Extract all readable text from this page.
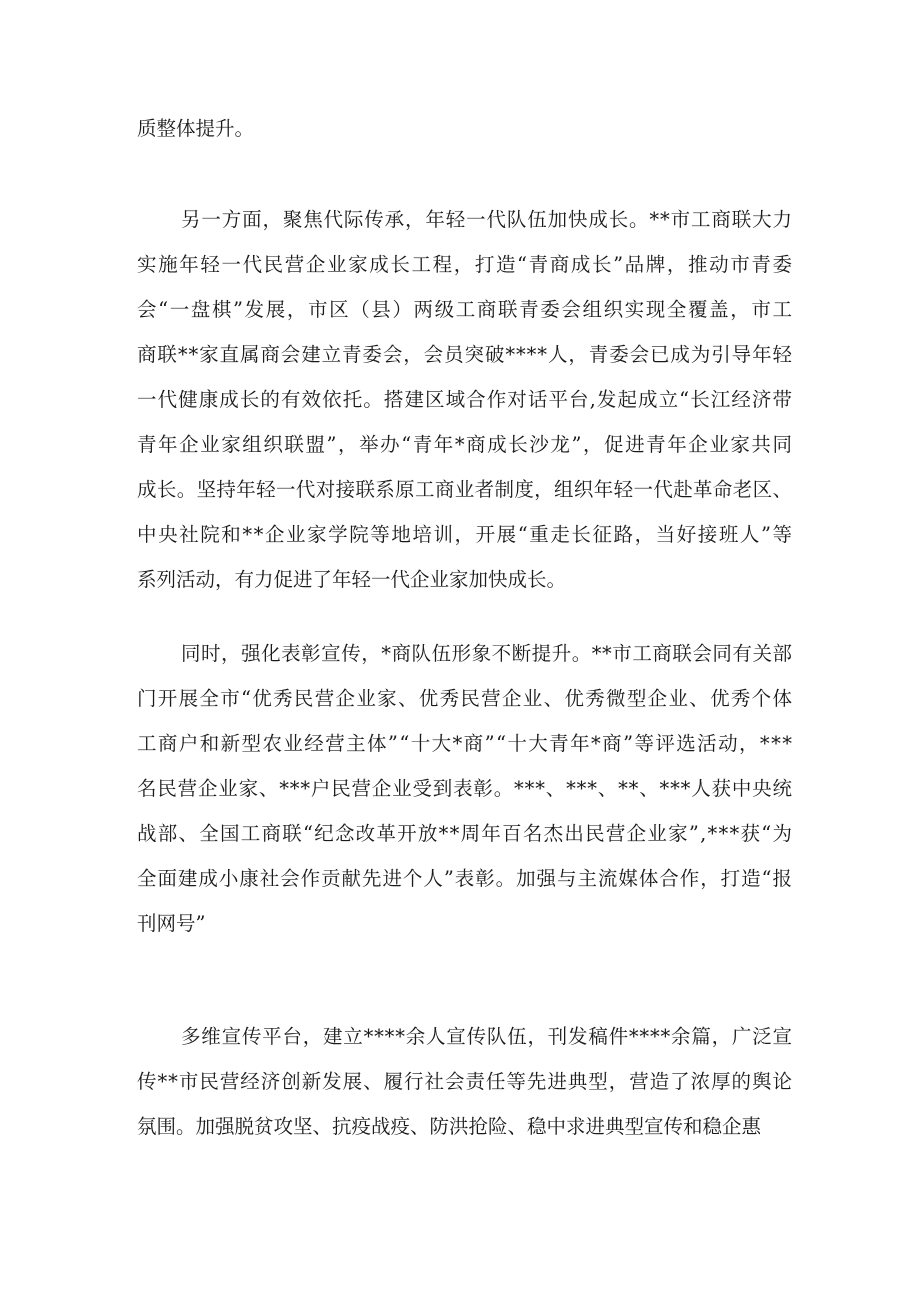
质整体提升。
另一方面，聚焦代际传承，年轻一代队伍加快成长。**市工商联大力
实施年轻一代民营企业家成长工程，打造“青商成长”品牌，推动市青委
会“一盘棋”发展，市区（县）两级工商联青委会组织实现全覆盖，市工
商联**家直属商会建立青委会，会员突破****人，青委会已成为引导年轻
一代健康成长的有效依托。搭建区域合作对话平台,发起成立“长江经济带
青年企业家组织联盟”，举办“青年*商成长沙龙”，促进青年企业家共同
成长。坚持年轻一代对接联系原工商业者制度，组织年轻一代赴革命老区、
中央社院和**企业家学院等地培训，开展“重走长征路，当好接班人”等
系列活动，有力促进了年轻一代企业家加快成长。
同时，强化表彰宣传，*商队伍形象不断提升。**市工商联会同有关部
门开展全市“优秀民营企业家、优秀民营企业、优秀微型企业、优秀个体
工商户和新型农业经营主体”“十大*商”“十大青年*商”等评选活动，***
名民营企业家、***户民营企业受到表彰。***、***、**、***人获中央统
战部、全国工商联“纪念改革开放**周年百名杰出民营企业家”,***获“为
全面建成小康社会作贡献先进个人”表彰。加强与主流媒体合作，打造“报
刊网号”
多维宣传平台，建立****余人宣传队伍，刊发稿件****余篇，广泛宣
传**市民营经济创新发展、履行社会责任等先进典型，营造了浓厚的舆论
氛围。加强脱贫攻坚、抗疫战疫、防洪抢险、稳中求进典型宣传和稳企惠
